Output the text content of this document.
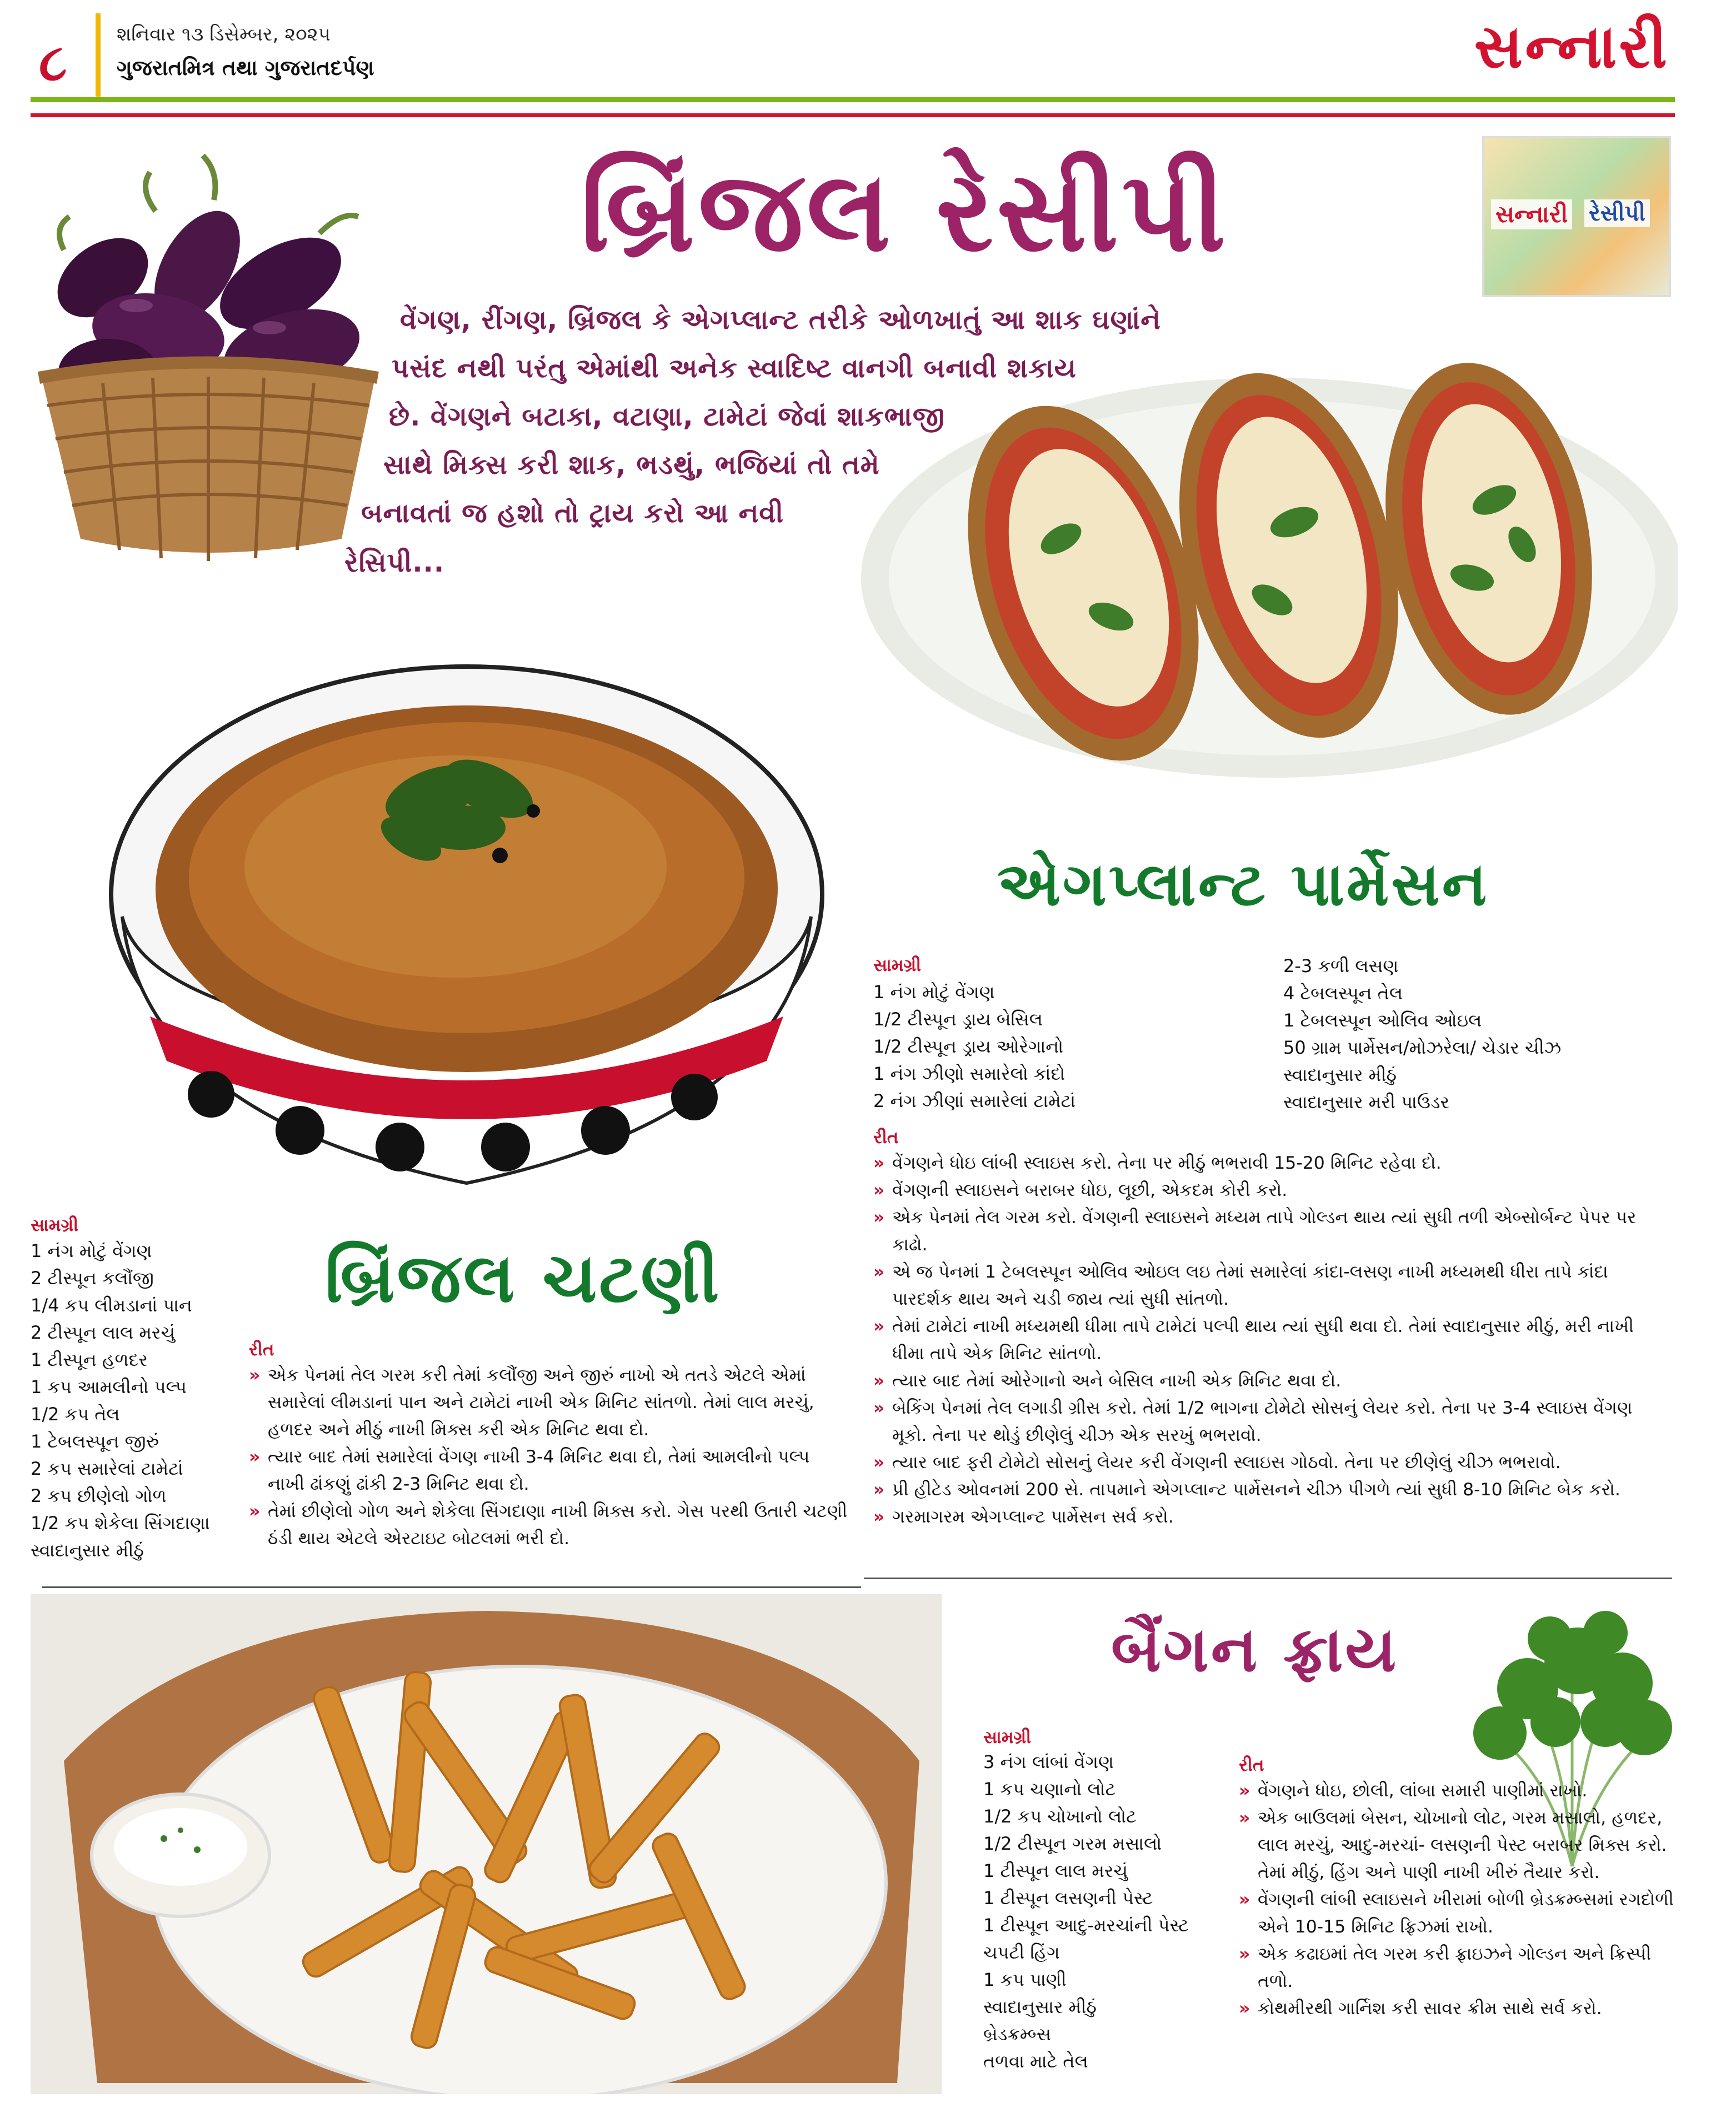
૮	શનિવાર ૧૩ ડિસેમ્બર, ૨૦૨૫
ગુજરાતમિત્ર તથા ગુજરાતદર્પણ	સન્નારી
બ્રિંજલ રેસીપી	સન્નારી રેસીપી
વેંગણ, રીંગણ, બ્રિંજલ કે એગપ્લાન્ટ તરીકે ઓળખાતું આ શાક ઘણાંને
પસંદ નથી પરંતુ એમાંથી અનેક સ્વાદિષ્ટ વાનગી બનાવી શકાય
છે. વેંગણને બટાકા, વટાણા, ટામેટાં જેવાં શાકભાજી
સાથે મિક્સ કરી શાક, ભડથું, ભજિયાં તો તમે
બનાવતાં જ હશો તો ટ્રાય કરો આ નવી
રેસિપી...
એગપ્લાન્ટ પાર્મેસન
સામગ્રી
1 નંગ મોટું વેંગણ
1/2 ટીસ્પૂન ડ્રાય બેસિલ
1/2 ટીસ્પૂન ડ્રાય ઓરેગાનો
1 નંગ ઝીણો સમારેલો કાંદો
2 નંગ ઝીણાં સમારેલાં ટામેટાં
2-3 કળી લસણ
4 ટેબલસ્પૂન તેલ
1 ટેબલસ્પૂન ઓલિવ ઓઇલ
50 ગ્રામ પાર્મેસન/મોઝરેલા/ ચેડાર ચીઝ
સ્વાદાનુસાર મીઠું
સ્વાદાનુસાર મરી પાઉડર
રીત
» વેંગણને ધોઇ લાંબી સ્લાઇસ કરો. તેના પર મીઠું ભભરાવી 15-20 મિનિટ રહેવા દો.
» વેંગણની સ્લાઇસને બરાબર ધોઇ, લૂછી, એકદમ કોરી કરો.
» એક પેનમાં તેલ ગરમ કરો. વેંગણની સ્લાઇસને મધ્યમ તાપે ગોલ્ડન થાય ત્યાં સુધી તળી એબ્સોર્બન્ટ પેપર પર કાઢો.
» એ જ પેનમાં 1 ટેબલસ્પૂન ઓલિવ ઓઇલ લઇ તેમાં સમારેલાં કાંદા-લસણ નાખી મધ્યમથી ધીરા તાપે કાંદા પારદર્શક થાય અને ચડી જાય ત્યાં સુધી સાંતળો.
» તેમાં ટામેટાં નાખી મધ્યમથી ધીમા તાપે ટામેટાં પલ્પી થાય ત્યાં સુધી થવા દો. તેમાં સ્વાદાનુસાર મીઠું, મરી નાખી ધીમા તાપે એક મિનિટ સાંતળો.
» ત્યાર બાદ તેમાં ઓરેગાનો અને બેસિલ નાખી એક મિનિટ થવા દો.
» બેકિંગ પેનમાં તેલ લગાડી ગ્રીસ કરો. તેમાં 1/2 ભાગના ટોમેટો સોસનું લેયર કરો. તેના પર 3-4 સ્લાઇસ વેંગણ મૂકો. તેના પર થોડું છીણેલું ચીઝ એક સરખું ભભરાવો.
» ત્યાર બાદ ફરી ટોમેટો સોસનું લેયર કરી વેંગણની સ્લાઇસ ગોઠવો. તેના પર છીણેલું ચીઝ ભભરાવો.
» પ્રી હીટેડ ઓવનમાં 200 સે. તાપમાને એગપ્લાન્ટ પાર્મેસનને ચીઝ પીગળે ત્યાં સુધી 8-10 મિનિટ બેક કરો.
» ગરમાગરમ એગપ્લાન્ટ પાર્મેસન સર્વ કરો.
બ્રિંજલ ચટણી
સામગ્રી
1 નંગ મોટું વેંગણ
2 ટીસ્પૂન કલૌંજી
1/4 કપ લીમડાનાં પાન
2 ટીસ્પૂન લાલ મરચું
1 ટીસ્પૂન હળદર
1 કપ આમલીનો પલ્પ
1/2 કપ તેલ
1 ટેબલસ્પૂન જીરું
2 કપ સમારેલાં ટામેટાં
2 કપ છીણેલો ગોળ
1/2 કપ શેકેલા સિંગદાણા
સ્વાદાનુસાર મીઠું
રીત
» એક પેનમાં તેલ ગરમ કરી તેમાં કલૌંજી અને જીરું નાખો એ તતડે એટલે એમાં સમારેલાં લીમડાનાં પાન અને ટામેટાં નાખી એક મિનિટ સાંતળો. તેમાં લાલ મરચું, હળદર અને મીઠું નાખી મિક્સ કરી એક મિનિટ થવા દો.
» ત્યાર બાદ તેમાં સમારેલાં વેંગણ નાખી 3-4 મિનિટ થવા દો, તેમાં આમલીનો પલ્પ નાખી ઢાંકણું ઢાંકી 2-3 મિનિટ થવા દો.
» તેમાં છીણેલો ગોળ અને શેકેલા સિંગદાણા નાખી મિક્સ કરો. ગેસ પરથી ઉતારી ચટણી ઠંડી થાય એટલે એરટાઇટ બોટલમાં ભરી દો.
બૈંગન ફ્રાય
સામગ્રી
3 નંગ લાંબાં વેંગણ
1 કપ ચણાનો લોટ
1/2 કપ ચોખાનો લોટ
1/2 ટીસ્પૂન ગરમ મસાલો
1 ટીસ્પૂન લાલ મરચું
1 ટીસ્પૂન લસણની પેસ્ટ
1 ટીસ્પૂન આદુ-મરચાંની પેસ્ટ
ચપટી હિંગ
1 કપ પાણી
સ્વાદાનુસાર મીઠું
બ્રેડક્રમ્બ્સ
તળવા માટે તેલ
રીત
» વેંગણને ધોઇ, છોલી, લાંબા સમારી પાણીમાં રાખો.
» એક બાઉલમાં બેસન, ચોખાનો લોટ, ગરમ મસાલો, હળદર, લાલ મરચું, આદુ-મરચાં- લસણની પેસ્ટ બરાબર મિક્સ કરો. તેમાં મીઠું, હિંગ અને પાણી નાખી ખીરું તૈયાર કરો.
» વેંગણની લાંબી સ્લાઇસને ખીરામાં બોળી બ્રેડક્રમ્બ્સમાં રગદોળી એને 10-15 મિનિટ ફ્રિઝમાં રાખો.
» એક કઢાઇમાં તેલ ગરમ કરી ફ્રાઇઝને ગોલ્ડન અને ક્રિસ્પી તળો.
» કોથમીરથી ગાર્નિશ કરી સાવર ક્રીમ સાથે સર્વ કરો.
